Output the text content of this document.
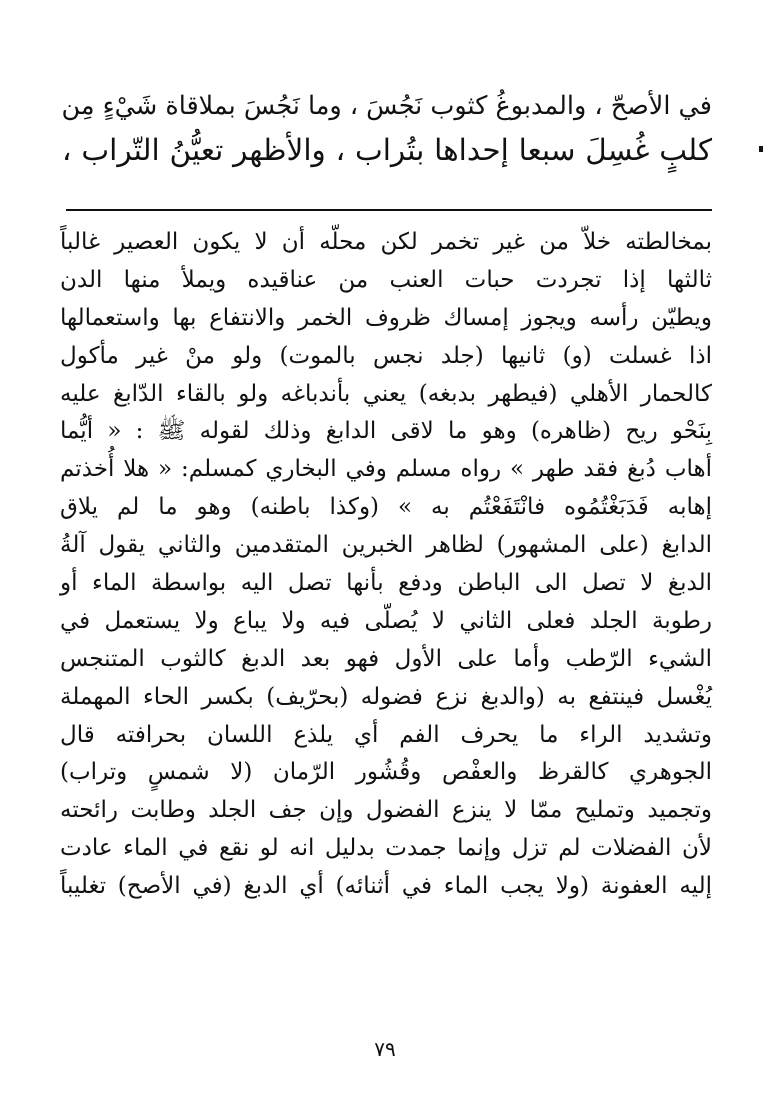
في الأصحّ ، والمدبوغُ كثوب نَجُسَ ، وما نَجُسَ بملاقاة شَيْءٍ مِن
كلبٍ غُسِلَ سبعا إحداها بتُراب ، والأظهر تعيُّنُ التّراب ،
بمخالطته خلاّ من غير تخمر لكن محلّه أن لا يكون العصير غالباً
ثالثها إذا تجردت حبات العنب من عناقيده ويملأ منها الدن
ويطيّن رأسه ويجوز إمساك ظروف الخمر والانتفاع بها واستعمالها
اذا غسلت (و) ثانيها (جلد نجس بالموت) ولو منْ غير مأكول
كالحمار الأهلي (فيطهر بدبغه) يعني بأندباغه ولو بالقاء الدّابغ عليه
بِنَحْو ريح (ظاهره) وهو ما لاقى الدابغ وذلك لقوله ﷺ : « أيُّما
أهاب دُبغ فقد طهر » رواه مسلم وفي البخاري كمسلم: « هلا أُخذتم
إهابه فَدَبَغْتُمُوه فانْتَفَعْتُم به » (وكذا باطنه) وهو ما لم يلاق
الدابغ (على المشهور) لظاهر الخبرين المتقدمين والثاني يقول آلةُ
الدبغ لا تصل الى الباطن ودفع بأنها تصل اليه بواسطة الماء أو
رطوبة الجلد فعلى الثاني لا يُصلّى فيه ولا يباع ولا يستعمل في
الشيء الرّطب وأما على الأول فهو بعد الدبغ كالثوب المتنجس
يُغْسل فينتفع به (والدبغ نزع فضوله (بحرّيف) بكسر الحاء المهملة
وتشديد الراء ما يحرف الفم أي يلذع اللسان بحرافته قال
الجوهري كالقرظ والعفْص وقُشُور الرّمان (لا شمسٍ وتراب)
وتجميد وتمليح ممّا لا ينزع الفضول وإن جف الجلد وطابت رائحته
لأن الفضلات لم تزل وإنما جمدت بدليل انه لو نقع في الماء عادت
إليه العفونة (ولا يجب الماء في أثنائه) أي الدبغ (في الأصح) تغليباً
٧٩
